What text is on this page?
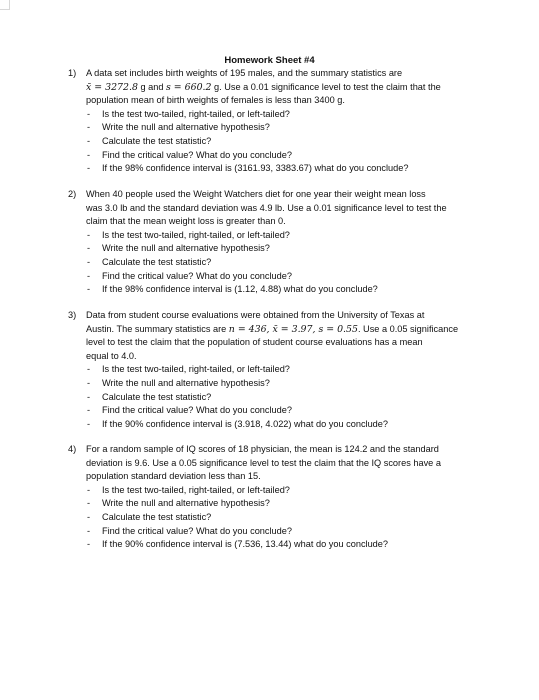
Homework Sheet #4
1)	A data set includes birth weights of 195 males, and the summary statistics are
x̄ = 3272.8 g and s = 660.2 g. Use a 0.01 significance level to test the claim that the
population mean of birth weights of females is less than 3400 g.
-	Is the test two-tailed, right-tailed, or left-tailed?
-	Write the null and alternative hypothesis?
-	Calculate the test statistic?
-	Find the critical value? What do you conclude?
-	If the 98% confidence interval is (3161.93, 3383.67) what do you conclude?
2)	When 40 people used the Weight Watchers diet for one year their weight mean loss
was 3.0 lb and the standard deviation was 4.9 lb. Use a 0.01 significance level to test the
claim that the mean weight loss is greater than 0.
-	Is the test two-tailed, right-tailed, or left-tailed?
-	Write the null and alternative hypothesis?
-	Calculate the test statistic?
-	Find the critical value? What do you conclude?
-	If the 98% confidence interval is (1.12, 4.88) what do you conclude?
3)	Data from student course evaluations were obtained from the University of Texas at
Austin. The summary statistics are n = 436, x̄ = 3.97, s = 0.55. Use a 0.05 significance
level to test the claim that the population of student course evaluations has a mean
equal to 4.0.
-	Is the test two-tailed, right-tailed, or left-tailed?
-	Write the null and alternative hypothesis?
-	Calculate the test statistic?
-	Find the critical value? What do you conclude?
-	If the 90% confidence interval is (3.918, 4.022) what do you conclude?
4)	For a random sample of IQ scores of 18 physician, the mean is 124.2 and the standard
deviation is 9.6. Use a 0.05 significance level to test the claim that the IQ scores have a
population standard deviation less than 15.
-	Is the test two-tailed, right-tailed, or left-tailed?
-	Write the null and alternative hypothesis?
-	Calculate the test statistic?
-	Find the critical value? What do you conclude?
-	If the 90% confidence interval is (7.536, 13.44) what do you conclude?
